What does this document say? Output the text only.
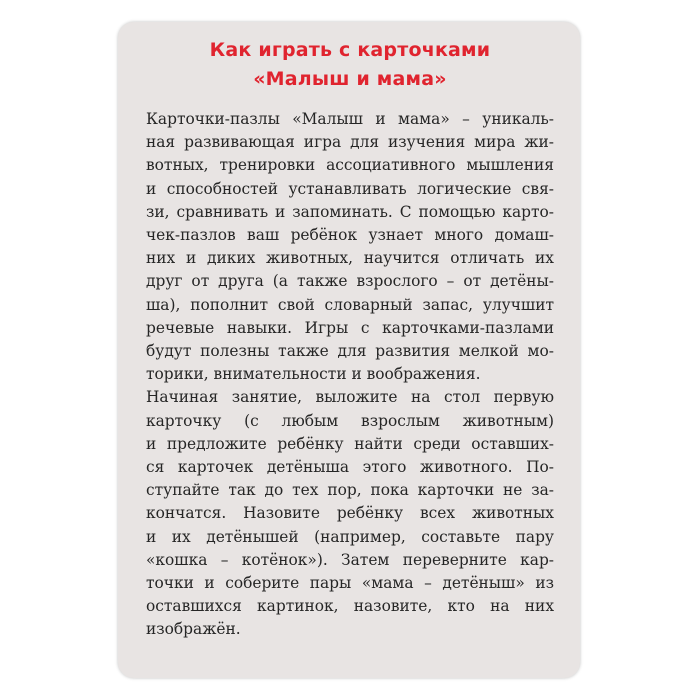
Как играть с карточками
«Малыш и мама»

Карточки-пазлы «Малыш и мама» – уникаль-
ная развивающая игра для изучения мира жи-
вотных, тренировки ассоциативного мышления
и способностей устанавливать логические свя-
зи, сравнивать и запоминать. С помощью карто-
чек-пазлов ваш ребёнок узнает много домаш-
них и диких животных, научится отличать их
друг от друга (а также взрослого – от детёны-
ша), пополнит свой словарный запас, улучшит
речевые навыки. Игры с карточками-пазлами
будут полезны также для развития мелкой мо-
торики, внимательности и воображения.

Начиная занятие, выложите на стол первую
карточку (с любым взрослым животным)
и предложите ребёнку найти среди оставших-
ся карточек детёныша этого животного. По-
ступайте так до тех пор, пока карточки не за-
кончатся. Назовите ребёнку всех животных
и их детёнышей (например, составьте пару
«кошка – котёнок»). Затем переверните кар-
точки и соберите пары «мама – детёныш» из
оставшихся картинок, назовите, кто на них
изображён.
